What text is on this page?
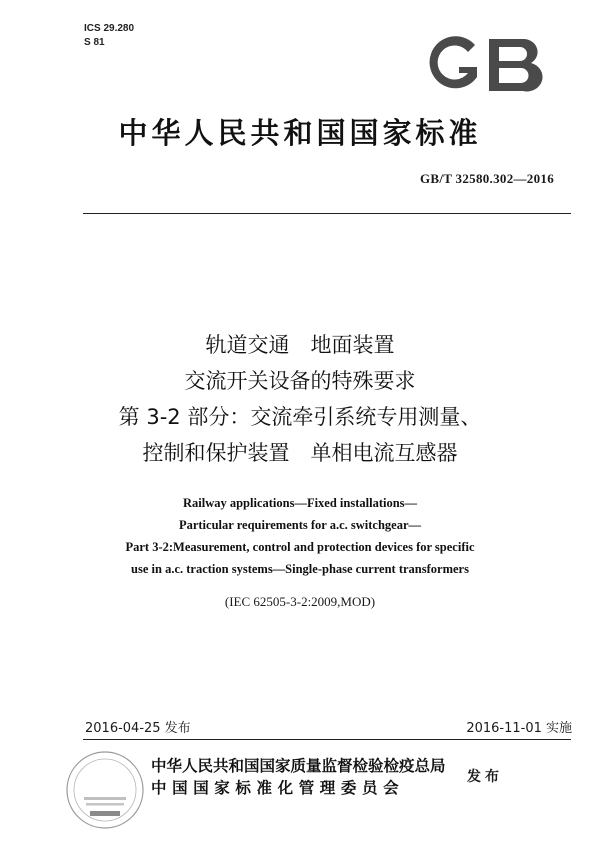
ICS 29.280
S 81
GB
中华人民共和国国家标准
GB/T 32580.302—2016
轨道交通　地面装置
交流开关设备的特殊要求
第 3-2 部分：交流牵引系统专用测量、
控制和保护装置　单相电流互感器
Railway applications—Fixed installations—
Particular requirements for a.c. switchgear—
Part 3-2:Measurement, control and protection devices for specific
use in a.c. traction systems—Single-phase current transformers
(IEC 62505-3-2:2009,MOD)
2016-04-25 发布	2016-11-01 实施
中华人民共和国国家质量监督检验检疫总局
中国国家标准化管理委员会
发布
